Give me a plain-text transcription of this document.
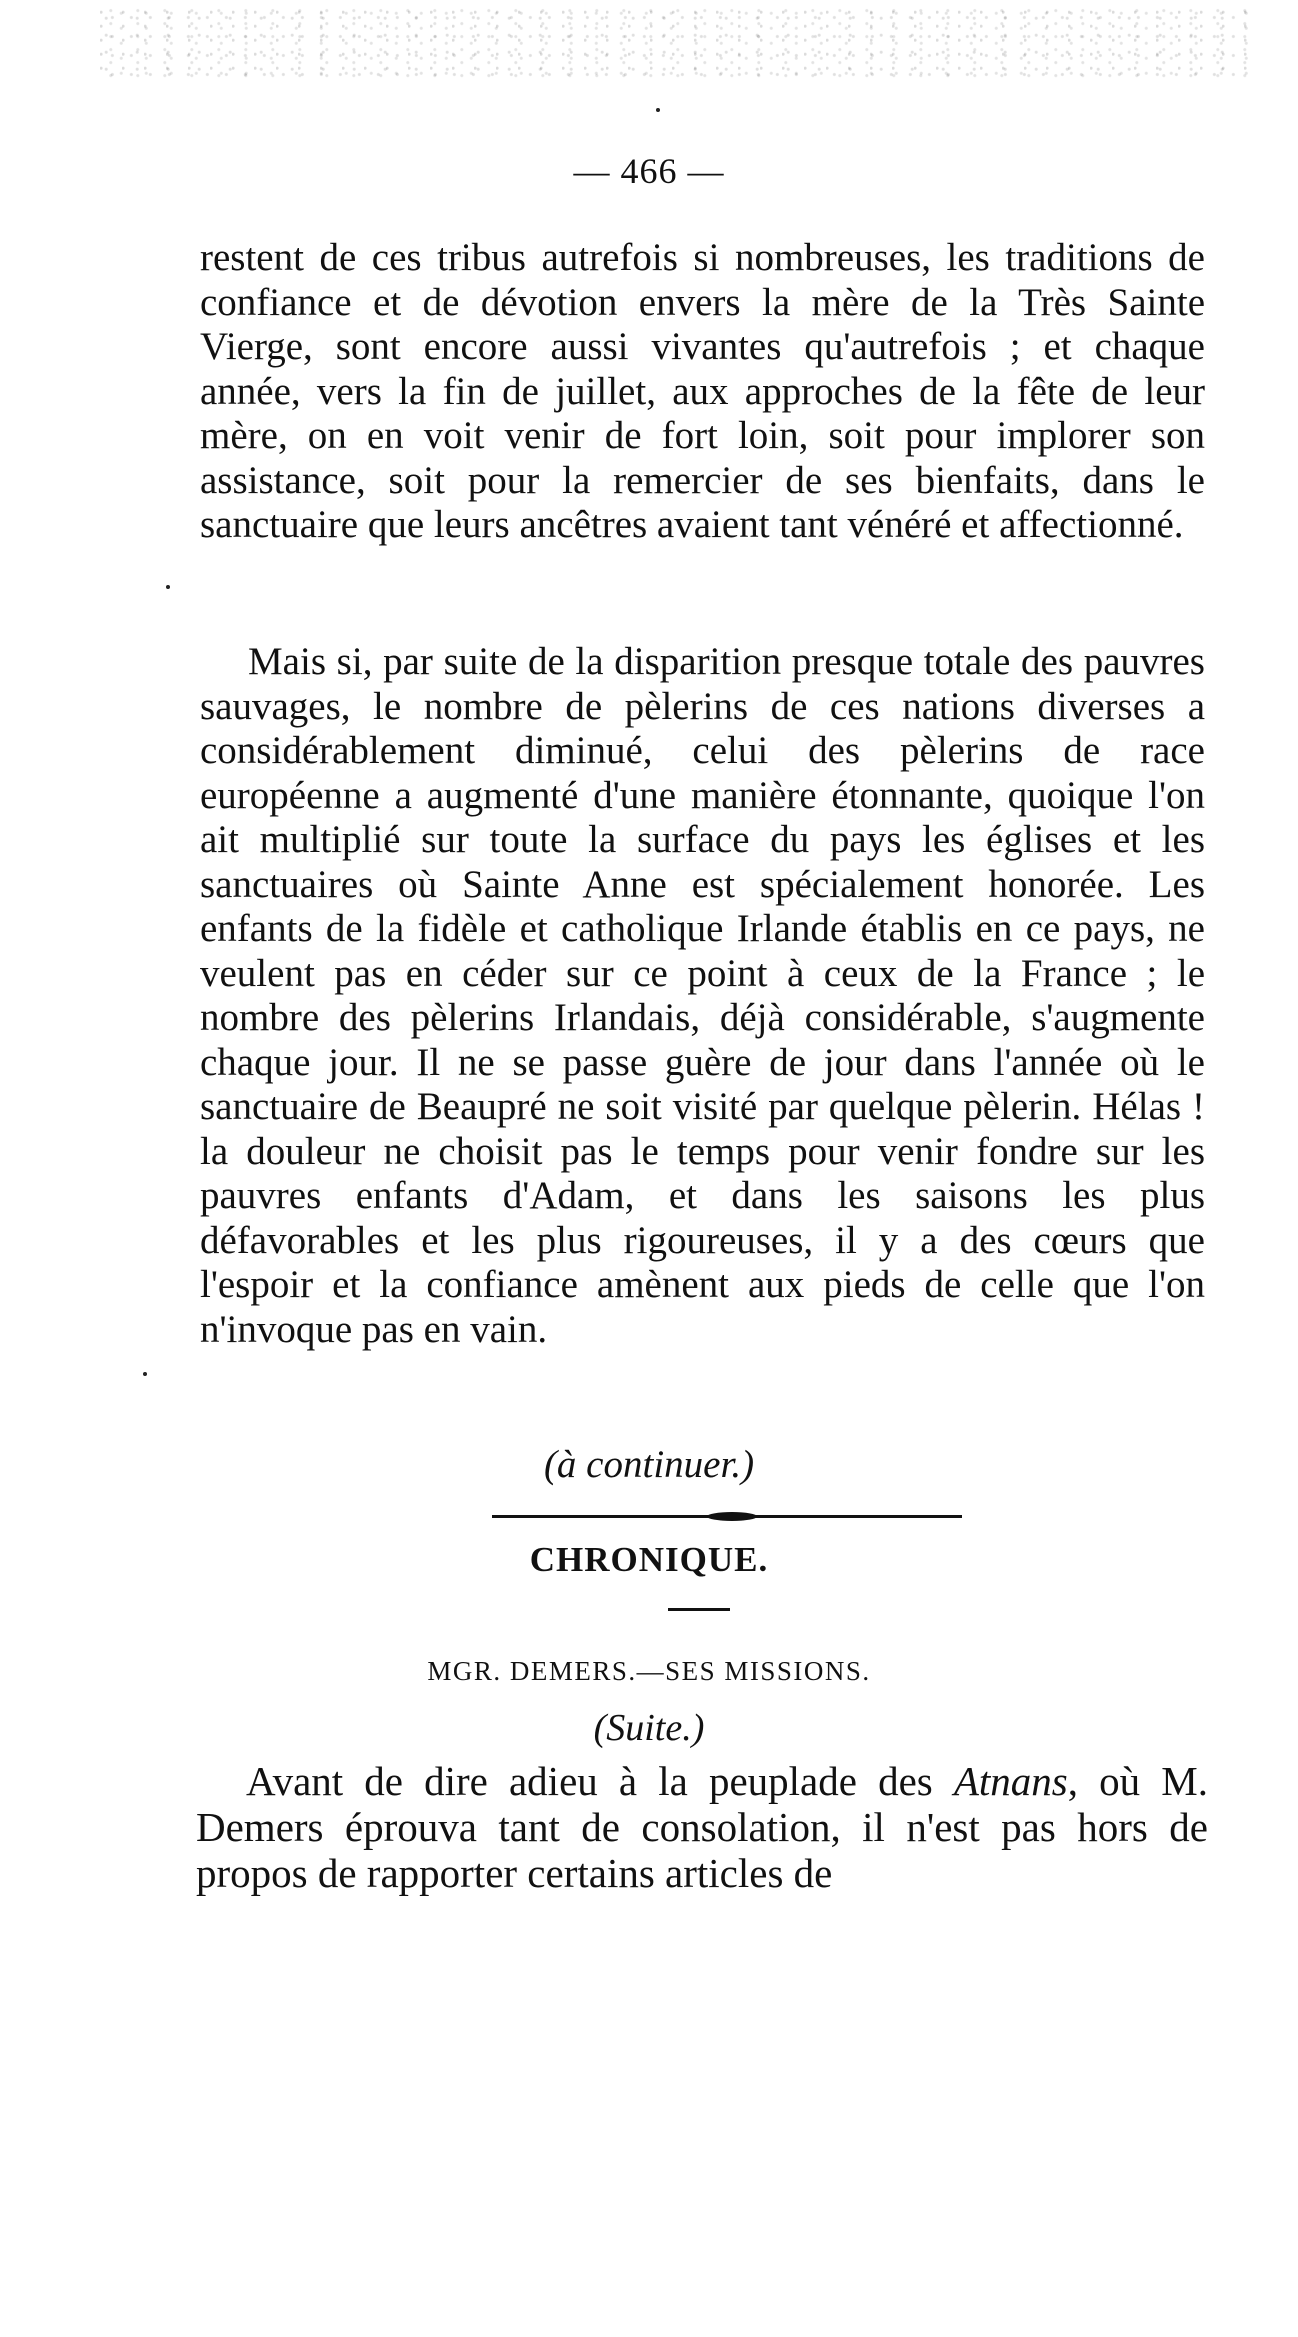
— 466 —

restent de ces tribus autrefois si nombreuses, les traditions de confiance et de dévotion envers la mère de la Très Sainte Vierge, sont encore aussi vivantes qu'autrefois ; et chaque année, vers la fin de juillet, aux approches de la fête de leur mère, on en voit venir de fort loin, soit pour implorer son assistance, soit pour la remercier de ses bienfaits, dans le sanctuaire que leurs ancêtres avaient tant vénéré et affectionné.

Mais si, par suite de la disparition presque totale des pauvres sauvages, le nombre de pèlerins de ces nations diverses a considérablement diminué, celui des pèlerins de race européenne a augmenté d'une manière étonnante, quoique l'on ait multiplié sur toute la surface du pays les églises et les sanctuaires où Sainte Anne est spécialement honorée. Les enfants de la fidèle et catholique Irlande établis en ce pays, ne veulent pas en céder sur ce point à ceux de la France ; le nombre des pèlerins Irlandais, déjà considérable, s'augmente chaque jour. Il ne se passe guère de jour dans l'année où le sanctuaire de Beaupré ne soit visité par quelque pèlerin. Hélas ! la douleur ne choisit pas le temps pour venir fondre sur les pauvres enfants d'Adam, et dans les saisons les plus défavorables et les plus rigoureuses, il y a des cœurs que l'espoir et la confiance amènent aux pieds de celle que l'on n'invoque pas en vain.

(à continuer.)
CHRONIQUE.
MGR. DEMERS.—SES MISSIONS.
(Suite.)

Avant de dire adieu à la peuplade des Atnans, où M. Demers éprouva tant de consolation, il n'est pas hors de propos de rapporter certains articles de
